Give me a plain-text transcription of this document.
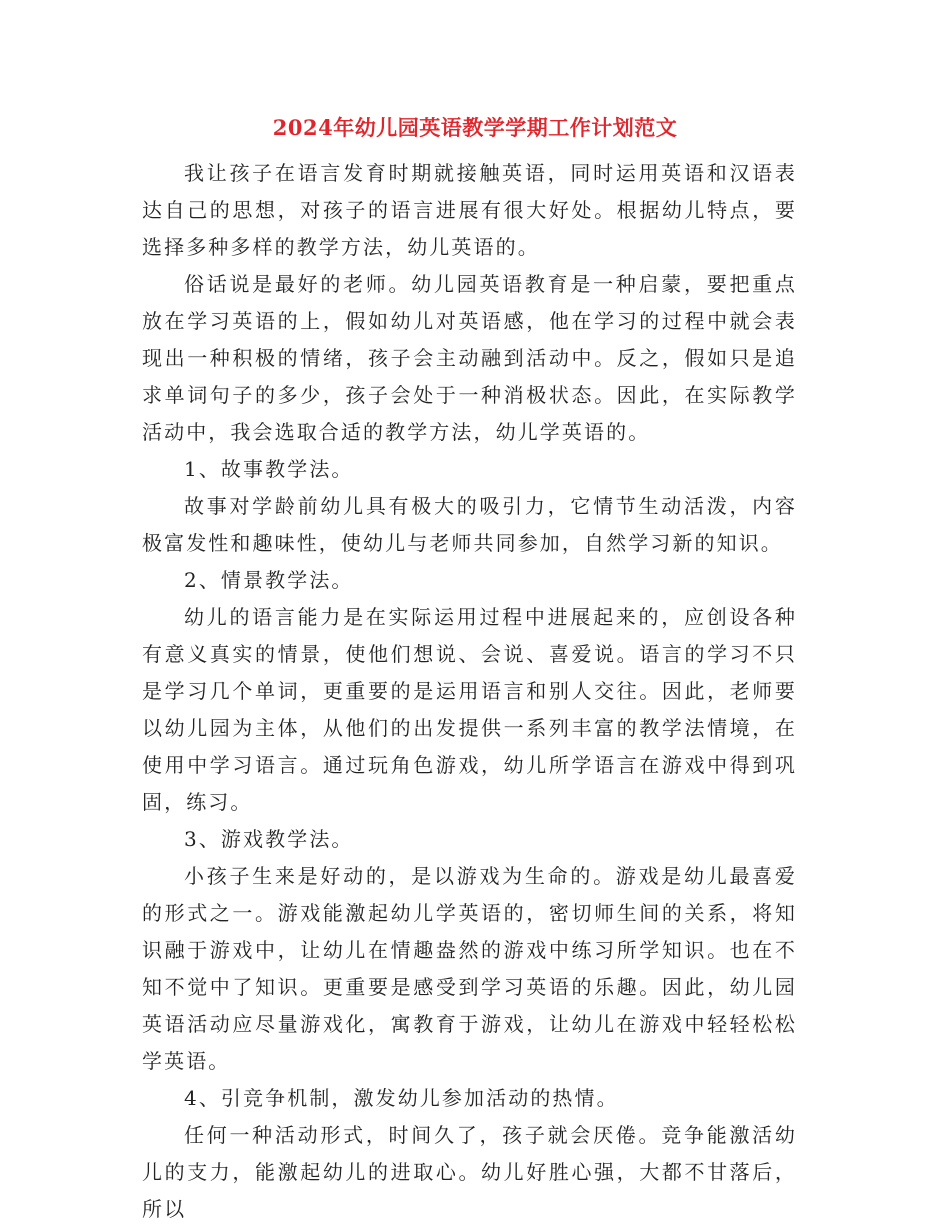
2024年幼儿园英语教学学期工作计划范文

我让孩子在语言发育时期就接触英语，同时运用英语和汉语表达自己的思想，对孩子的语言进展有很大好处。根据幼儿特点，要选择多种多样的教学方法，幼儿英语的。

俗话说是最好的老师。幼儿园英语教育是一种启蒙，要把重点放在学习英语的上，假如幼儿对英语感，他在学习的过程中就会表现出一种积极的情绪，孩子会主动融到活动中。反之，假如只是追求单词句子的多少，孩子会处于一种消极状态。因此，在实际教学活动中，我会选取合适的教学方法，幼儿学英语的。

1、故事教学法。

故事对学龄前幼儿具有极大的吸引力，它情节生动活泼，内容极富发性和趣味性，使幼儿与老师共同参加，自然学习新的知识。

2、情景教学法。

幼儿的语言能力是在实际运用过程中进展起来的，应创设各种有意义真实的情景，使他们想说、会说、喜爱说。语言的学习不只是学习几个单词，更重要的是运用语言和别人交往。因此，老师要以幼儿园为主体，从他们的出发提供一系列丰富的教学法情境，在使用中学习语言。通过玩角色游戏，幼儿所学语言在游戏中得到巩固，练习。

3、游戏教学法。

小孩子生来是好动的，是以游戏为生命的。游戏是幼儿最喜爱的形式之一。游戏能激起幼儿学英语的，密切师生间的关系，将知识融于游戏中，让幼儿在情趣盎然的游戏中练习所学知识。也在不知不觉中了知识。更重要是感受到学习英语的乐趣。因此，幼儿园英语活动应尽量游戏化，寓教育于游戏，让幼儿在游戏中轻轻松松学英语。

4、引竞争机制，激发幼儿参加活动的热情。

任何一种活动形式，时间久了，孩子就会厌倦。竞争能激活幼儿的支力，能激起幼儿的进取心。幼儿好胜心强，大都不甘落后，所以
